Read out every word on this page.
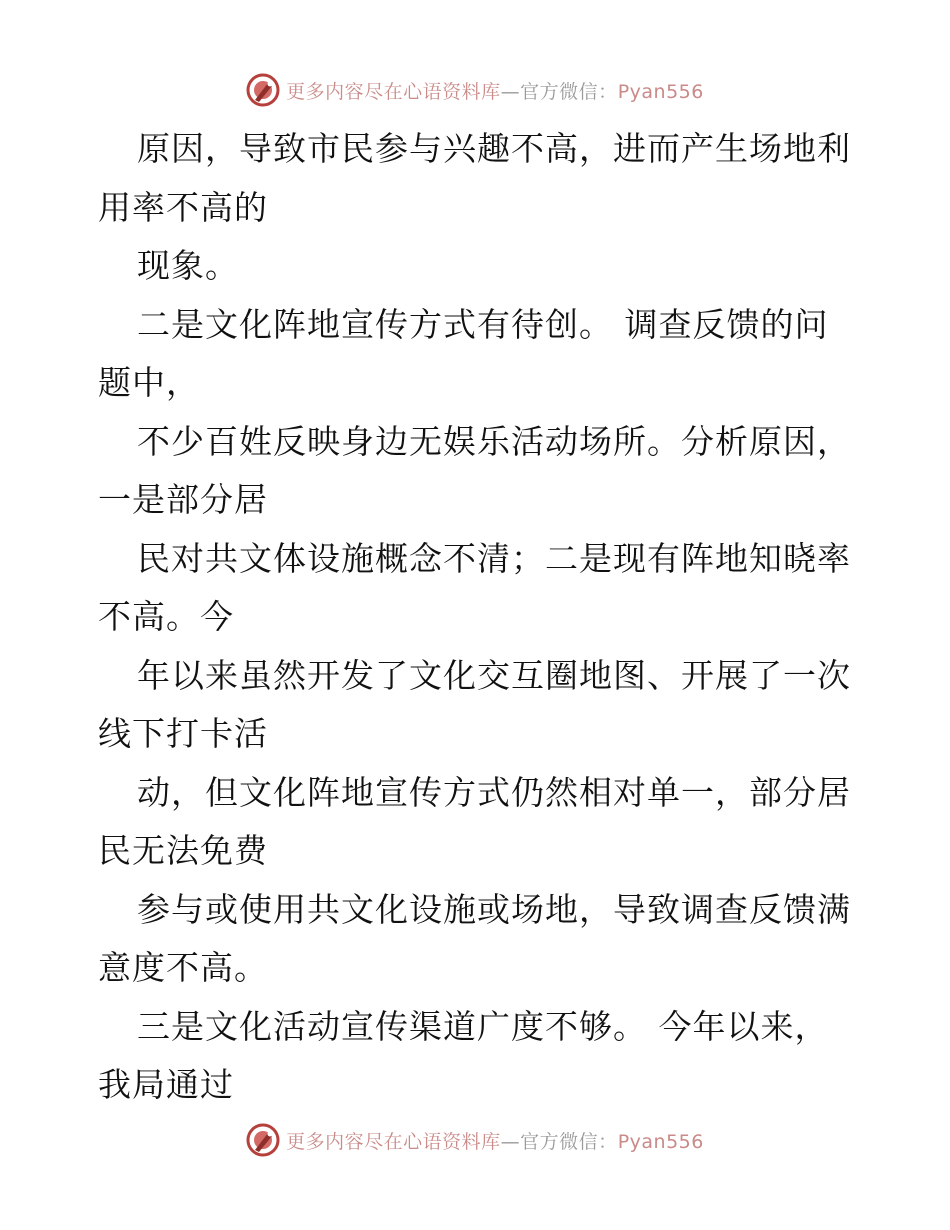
更多内容尽在心语资料库—官方微信：Pyan556
原因，导致市民参与兴趣不高，进而产生场地利
用率不高的
现象。
二是文化阵地宣传方式有待创。 调查反馈的问
题中，
不少百姓反映身边无娱乐活动场所。分析原因，
一是部分居
民对共文体设施概念不清；二是现有阵地知晓率
不高。今
年以来虽然开发了文化交互圈地图、开展了一次
线下打卡活
动，但文化阵地宣传方式仍然相对单一，部分居
民无法免费
参与或使用共文化设施或场地，导致调查反馈满
意度不高。
三是文化活动宣传渠道广度不够。 今年以来，
我局通过
更多内容尽在心语资料库—官方微信：Pyan556
